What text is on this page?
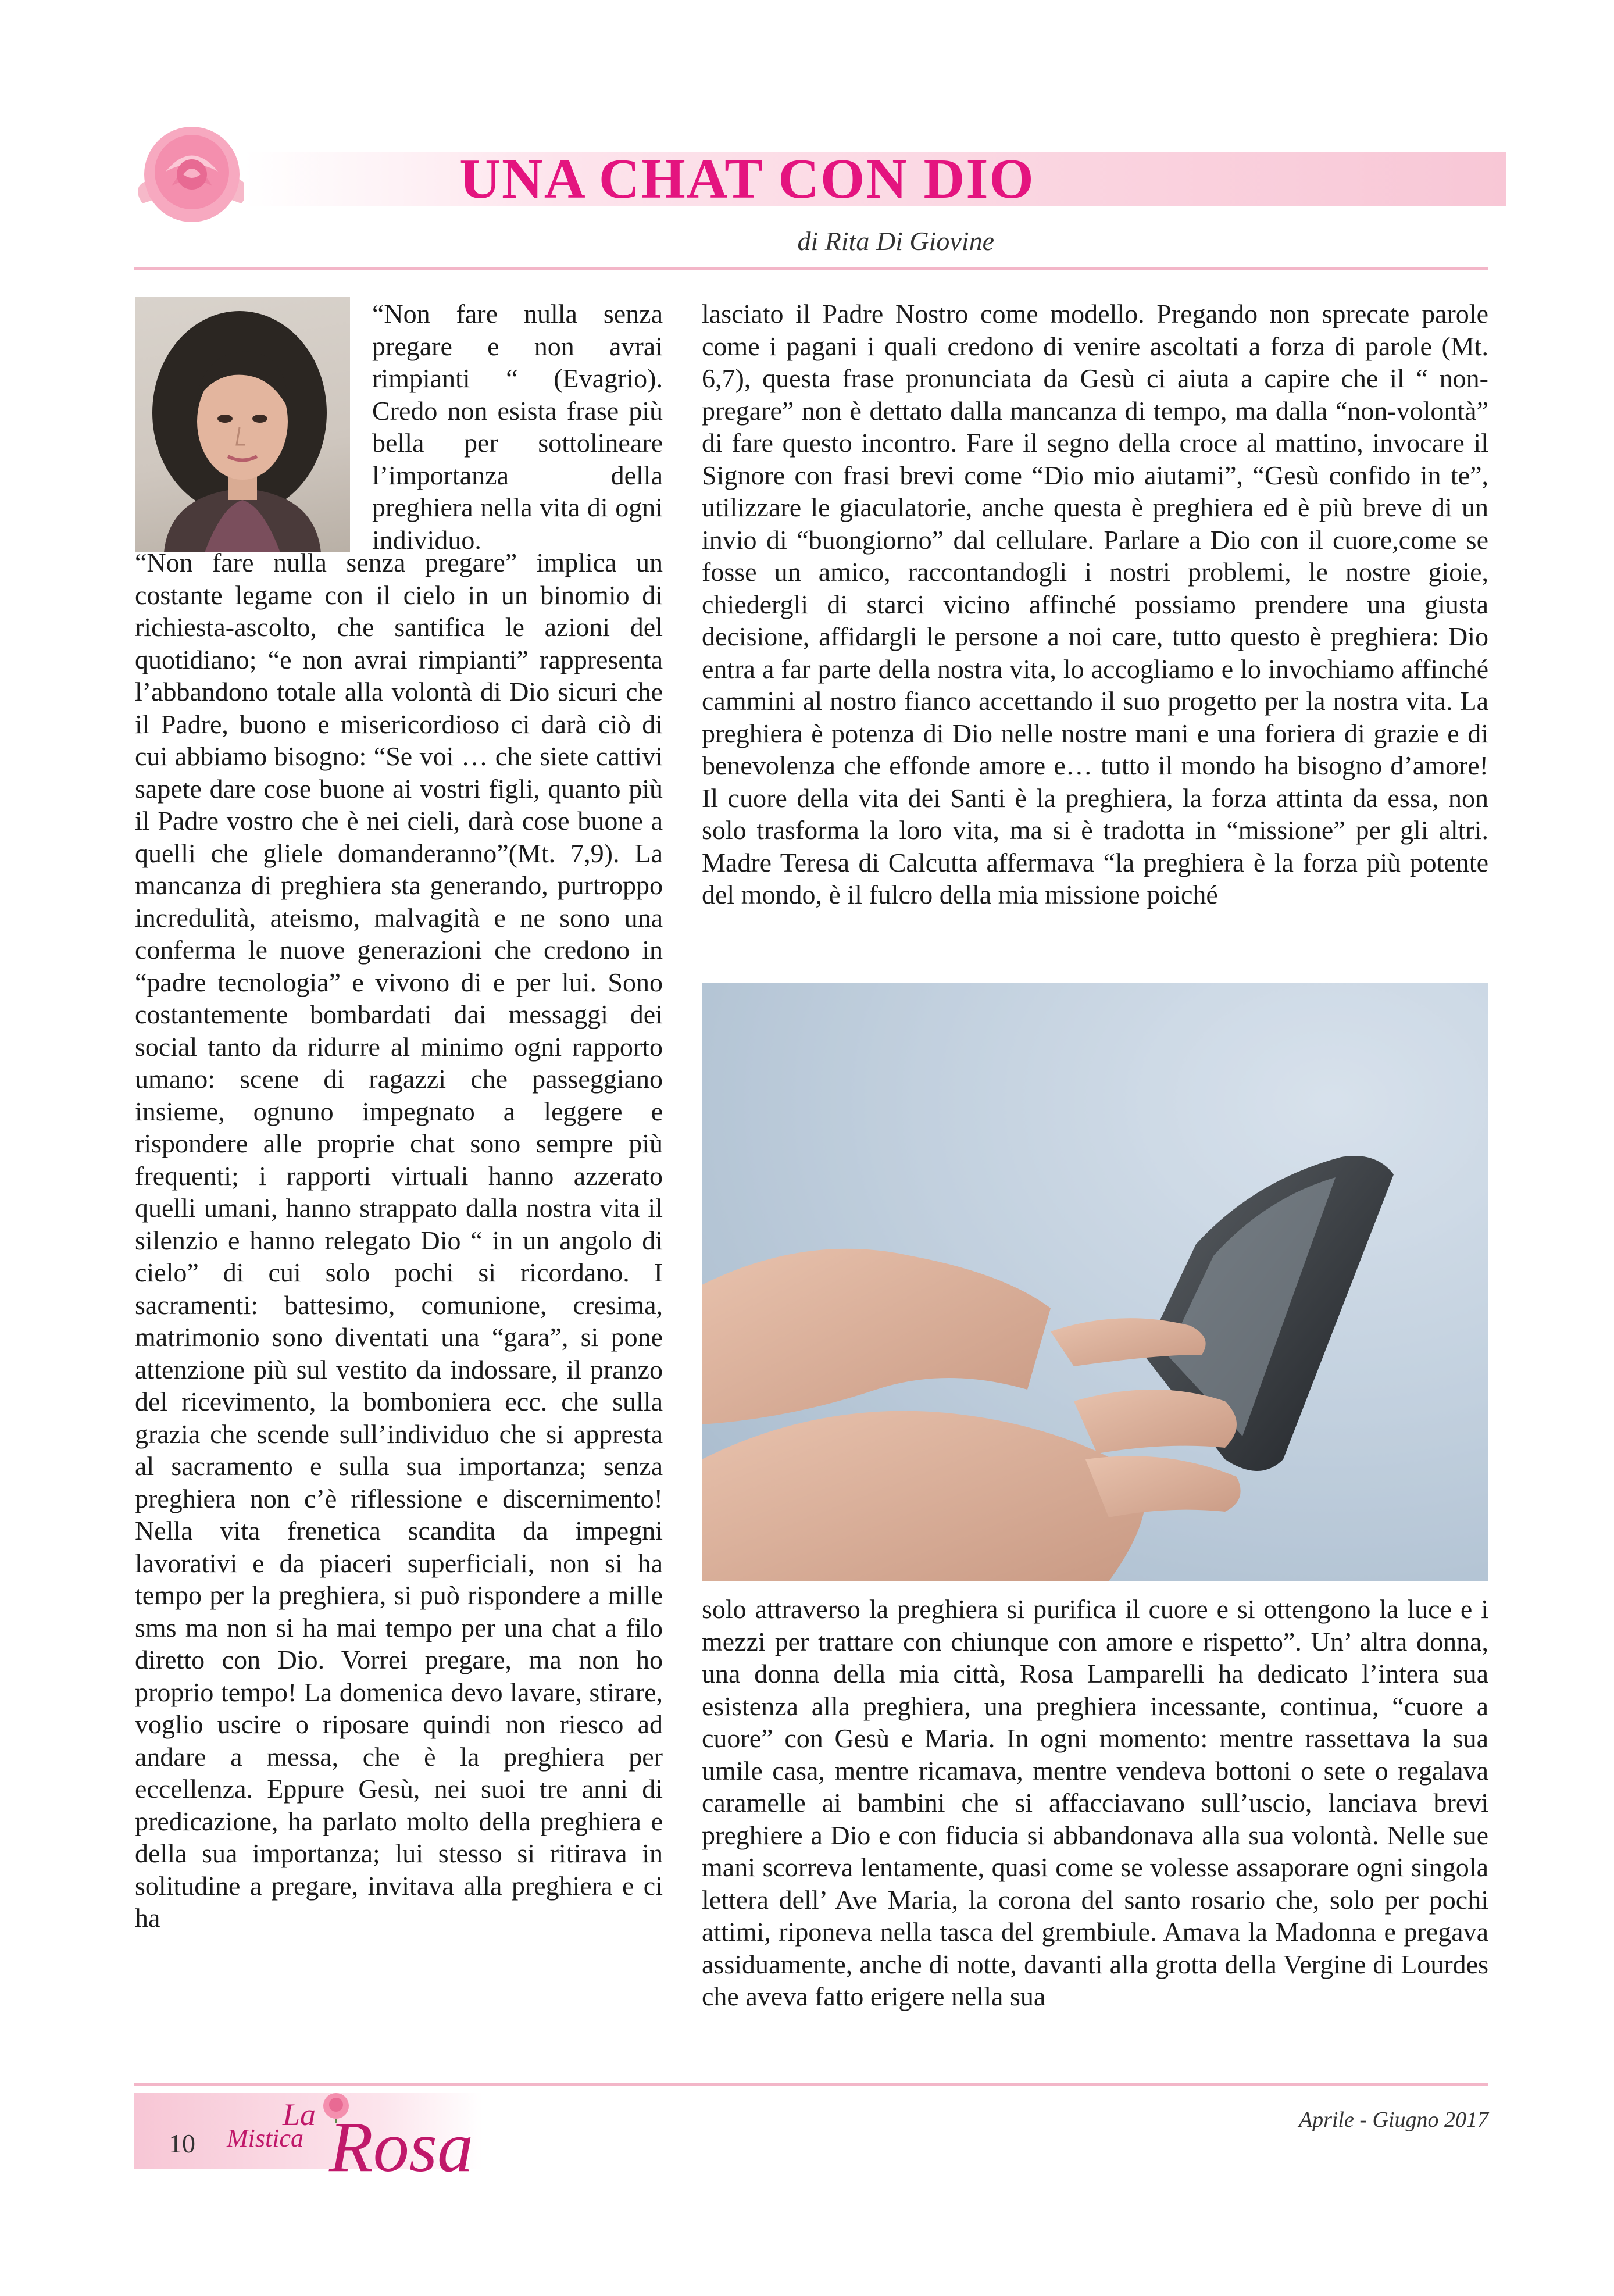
UNA CHAT CON DIO
di Rita Di Giovine

“Non fare nulla senza pregare e non avrai rimpianti “ (Evagrio). Credo non esista frase più bella per sottolineare l’importanza della preghiera nella vita di ogni individuo.

“Non fare nulla senza pregare” implica un costante legame con il cielo in un binomio di richiesta-ascolto, che santifica le azioni del quotidiano; “e non avrai rimpianti” rappresenta l’abbandono totale alla volontà di Dio sicuri che il Padre, buono e misericordioso ci darà ciò di cui abbiamo bisogno: “Se voi … che siete cattivi sapete dare cose buone ai vostri figli, quanto più il Padre vostro che è nei cieli, darà cose buone a quelli che gliele domanderanno”(Mt. 7,9). La mancanza di preghiera sta generando, purtroppo incredulità, ateismo, malvagità e ne sono una conferma le nuove generazioni che credono in “padre tecnologia” e vivono di e per lui. Sono costantemente bombardati dai messaggi dei social tanto da ridurre al minimo ogni rapporto umano: scene di ragazzi che passeggiano insieme, ognuno impegnato a leggere e rispondere alle proprie chat sono sempre più frequenti; i rapporti virtuali hanno azzerato quelli umani, hanno strappato dalla nostra vita il silenzio e hanno relegato Dio “ in un angolo di cielo” di cui solo pochi si ricordano. I sacramenti: battesimo, comunione, cresima, matrimonio sono diventati una “gara”, si pone attenzione più sul vestito da indossare, il pranzo del ricevimento, la bomboniera ecc. che sulla grazia che scende sull’individuo che si appresta al sacramento e sulla sua importanza; senza preghiera non c’è riflessione e discernimento! Nella vita frenetica scandita da impegni lavorativi e da piaceri superficiali, non si ha tempo per la preghiera, si può rispondere a mille sms ma non si ha mai tempo per una chat a filo diretto con Dio. Vorrei pregare, ma non ho proprio tempo! La domenica devo lavare, stirare, voglio uscire o riposare quindi non riesco ad andare a messa, che è la preghiera per eccellenza. Eppure Gesù, nei suoi tre anni di predicazione, ha parlato molto della preghiera e della sua importanza; lui stesso si ritirava in solitudine a pregare, invitava alla preghiera e ci ha

lasciato il Padre Nostro come modello. Pregando non sprecate parole come i pagani i quali credono di venire ascoltati a forza di parole (Mt. 6,7), questa frase pronunciata da Gesù ci aiuta a capire che il “ non-pregare” non è dettato dalla mancanza di tempo, ma dalla “non-volontà” di fare questo incontro. Fare il segno della croce al mattino, invocare il Signore con frasi brevi come “Dio mio aiutami”, “Gesù confido in te”, utilizzare le giaculatorie, anche questa è preghiera ed è più breve di un invio di “buongiorno” dal cellulare. Parlare a Dio con il cuore,come se fosse un amico, raccontandogli i nostri problemi, le nostre gioie, chiedergli di starci vicino affinché possiamo prendere una giusta decisione, affidargli le persone a noi care, tutto questo è preghiera: Dio entra a far parte della nostra vita, lo accogliamo e lo invochiamo affinché cammini al nostro fianco accettando il suo progetto per la nostra vita. La preghiera è potenza di Dio nelle nostre mani e una foriera di grazie e di benevolenza che effonde amore e… tutto il mondo ha bisogno d’amore! Il cuore della vita dei Santi è la preghiera, la forza attinta da essa, non solo trasforma la loro vita, ma si è tradotta in “missione” per gli altri. Madre Teresa di Calcutta affermava “la preghiera è la forza più potente del mondo, è il fulcro della mia missione poiché

solo attraverso la preghiera si purifica il cuore e si ottengono la luce e i mezzi per trattare con chiunque con amore e rispetto”. Un’ altra donna, una donna della mia città, Rosa Lamparelli ha dedicato l’intera sua esistenza alla preghiera, una preghiera incessante, continua, “cuore a cuore” con Gesù e Maria. In ogni momento: mentre rassettava la sua umile casa, mentre ricamava, mentre vendeva bottoni o sete o regalava caramelle ai bambini che si affacciavano sull’uscio, lanciava brevi preghiere a Dio e con fiducia si abbandonava alla sua volontà. Nelle sue mani scorreva lentamente, quasi come se volesse assaporare ogni singola lettera dell’ Ave Maria, la corona del santo rosario che, solo per pochi attimi, riponeva nella tasca del grembiule. Amava la Madonna e pregava assiduamente, anche di notte, davanti alla grotta della Vergine di Lourdes che aveva fatto erigere nella sua

10
La
Mistica Rosa	Aprile - Giugno 2017
